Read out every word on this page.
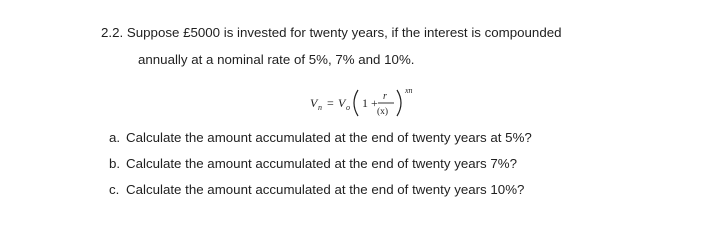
2.2. Suppose £5000 is invested for twenty years, if the interest is compounded
annually at a nominal rate of 5%, 7% and 10%.
V n = V o 1 + r
(x)
xn
a. Calculate the amount accumulated at the end of twenty years at 5%?
b. Calculate the amount accumulated at the end of twenty years 7%?
c. Calculate the amount accumulated at the end of twenty years 10%?
